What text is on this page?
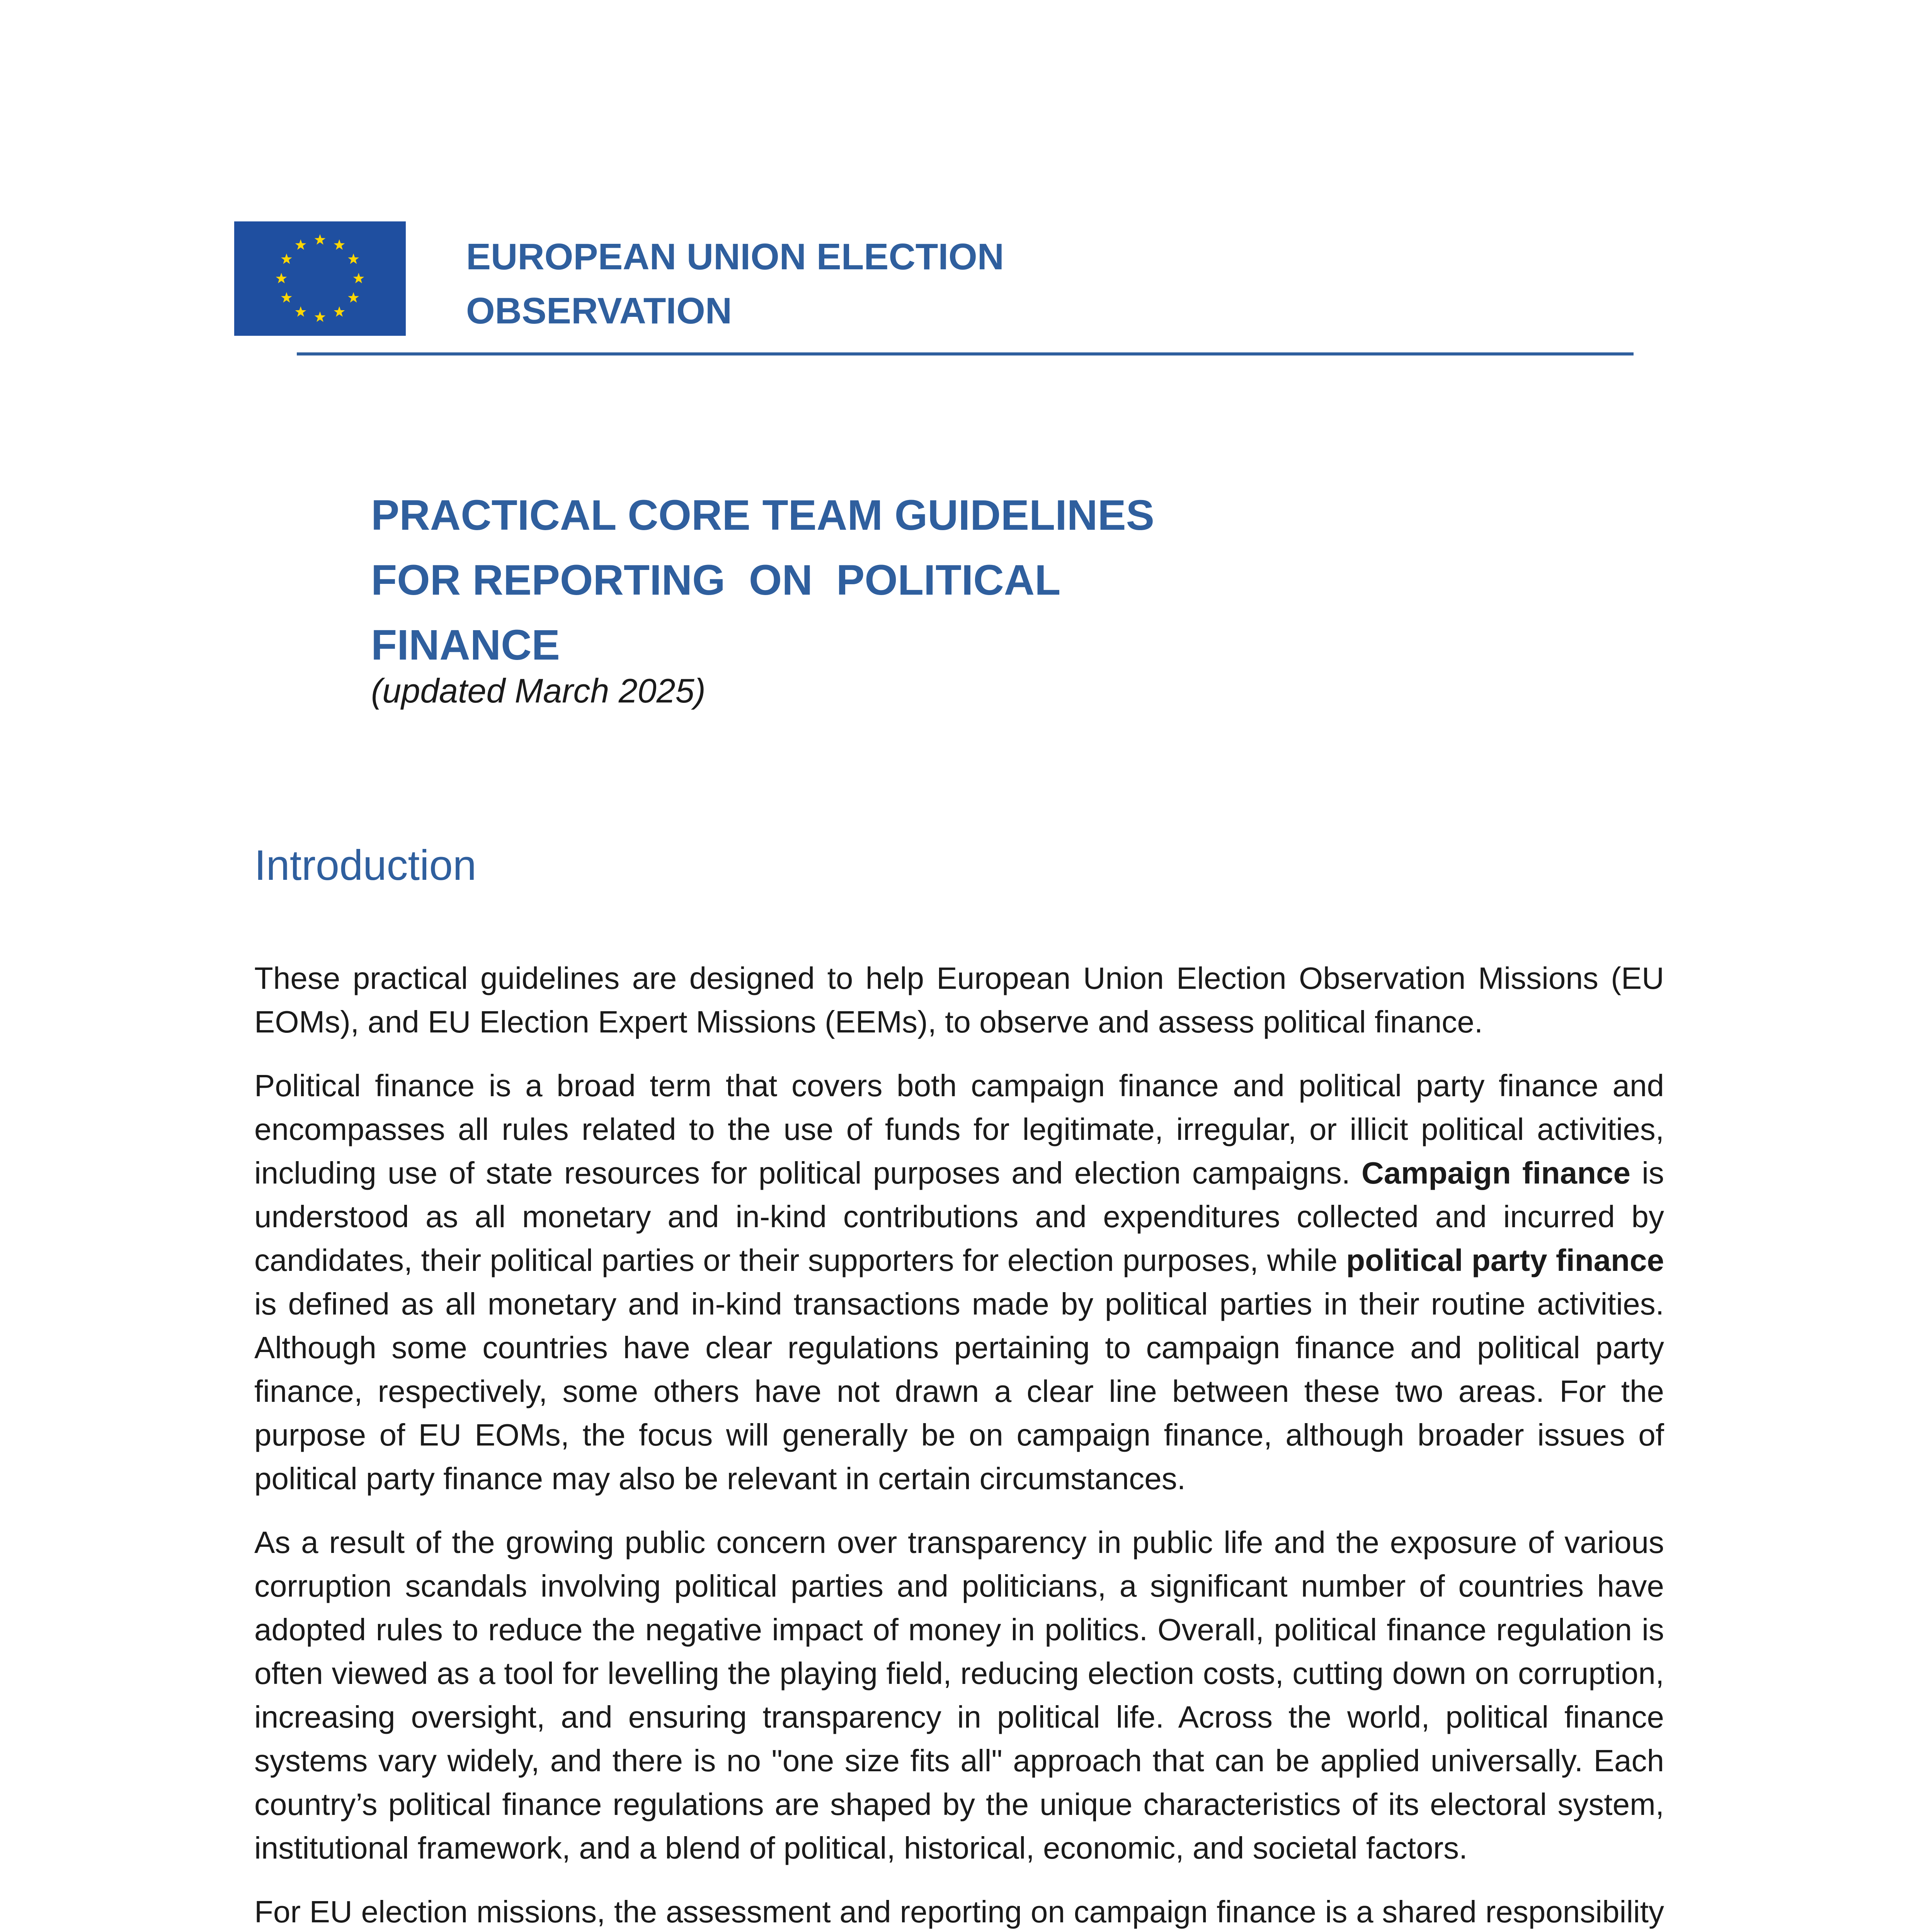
EUROPEAN UNION ELECTION
OBSERVATION
PRACTICAL CORE TEAM GUIDELINES
FOR REPORTING  ON  POLITICAL
FINANCE

(updated March 2025)

Introduction

These practical guidelines are designed to help European Union Election Observation Missions (EU EOMs), and EU Election Expert Missions (EEMs), to observe and assess political finance.

Political finance is a broad term that covers both campaign finance and political party finance and encompasses all rules related to the use of funds for legitimate, irregular, or illicit political activities, including use of state resources for political purposes and election campaigns. Campaign finance is understood as all monetary and in-kind contributions and expenditures collected and incurred by candidates, their political parties or their supporters for election purposes, while political party finance is defined as all monetary and in-kind transactions made by political parties in their routine activities. Although some countries have clear regulations pertaining to campaign finance and political party finance, respectively, some others have not drawn a clear line between these two areas. For the purpose of EU EOMs, the focus will generally be on campaign finance, although broader issues of political party finance may also be relevant in certain circumstances.

As a result of the growing public concern over transparency in public life and the exposure of various corruption scandals involving political parties and politicians, a significant number of countries have adopted rules to reduce the negative impact of money in politics. Overall, political finance regulation is often viewed as a tool for levelling the playing field, reducing election costs, cutting down on corruption, increasing oversight, and ensuring transparency in political life. Across the world, political finance systems vary widely, and there is no "one size fits all" approach that can be applied universally. Each country’s political finance regulations are shaped by the unique characteristics of its electoral system, institutional framework, and a blend of political, historical, economic, and societal factors.

For EU election missions, the assessment and reporting on campaign finance is a shared responsibility
